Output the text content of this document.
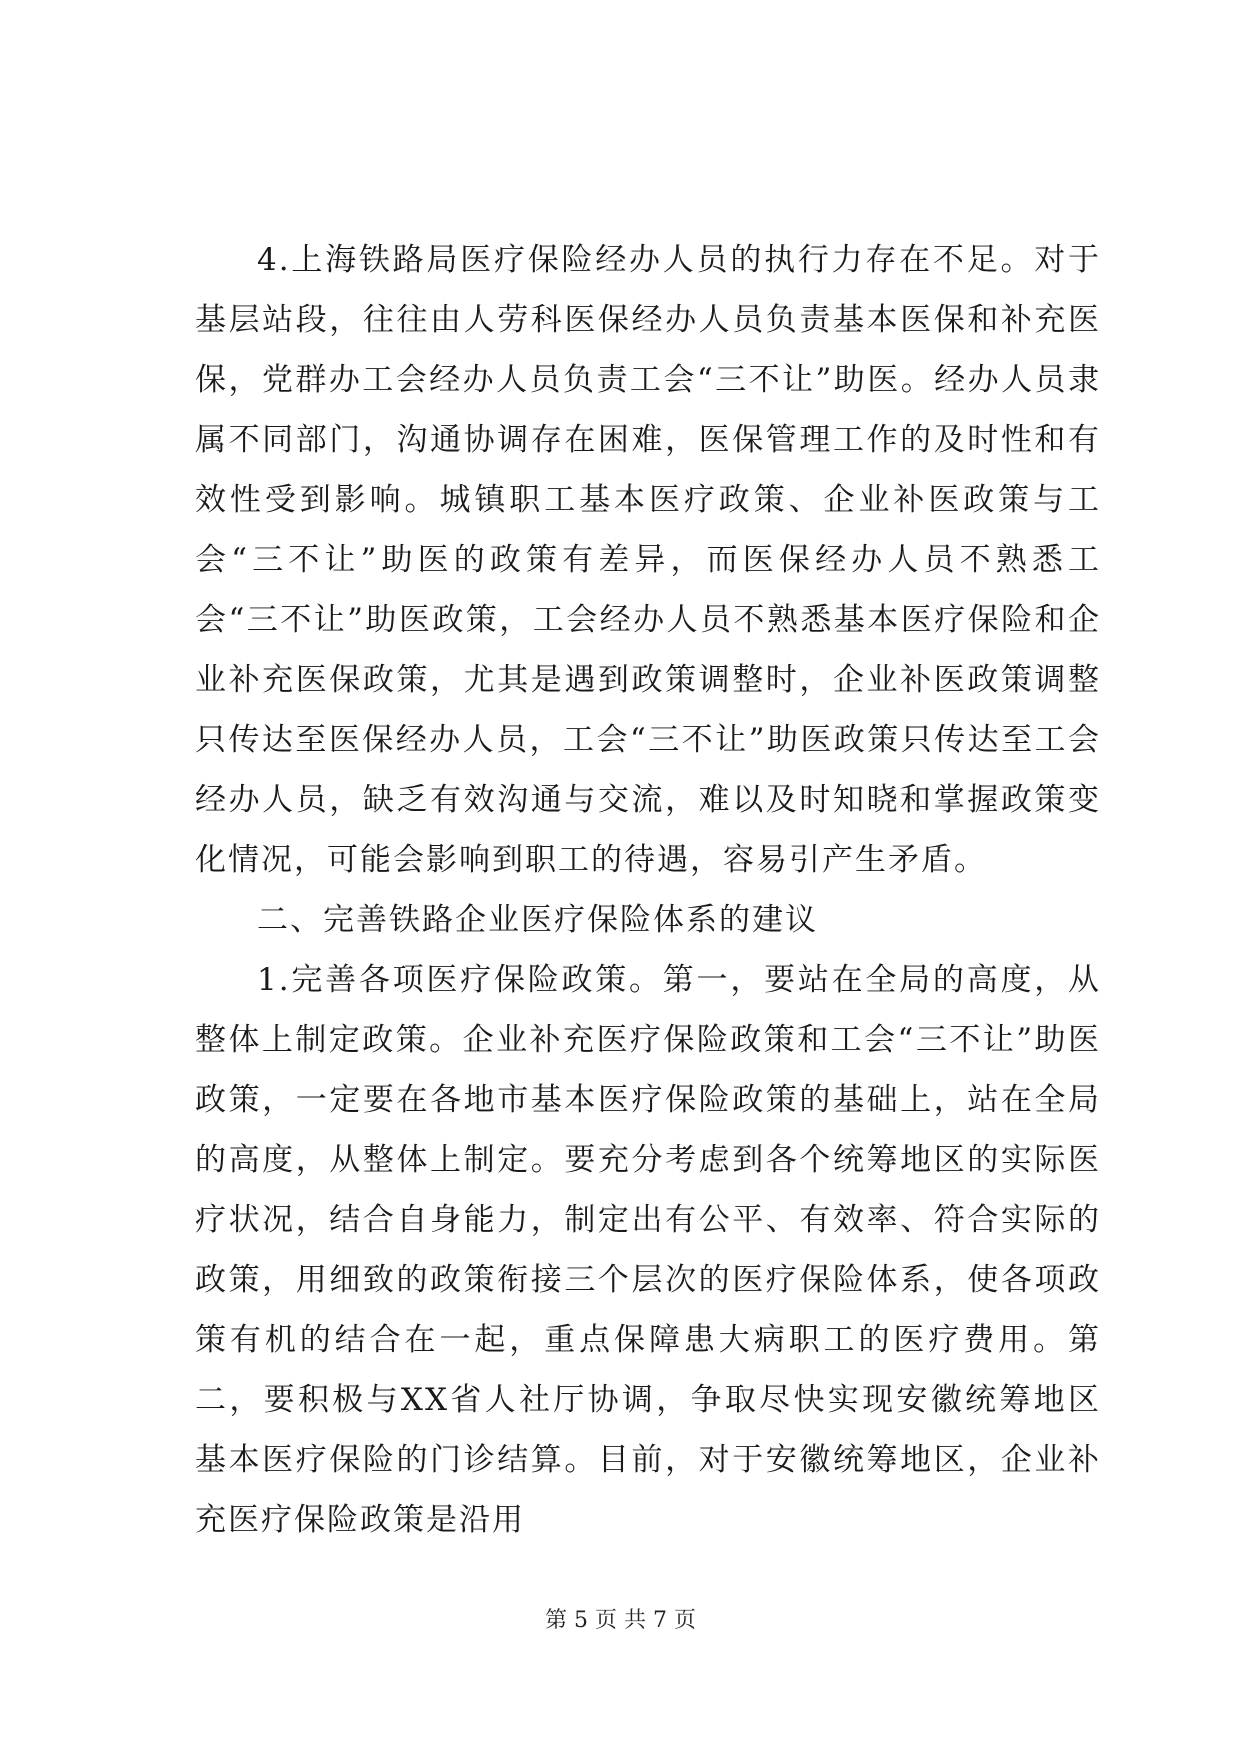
4.上海铁路局医疗保险经办人员的执行力存在不足。对于基层站段，往往由人劳科医保经办人员负责基本医保和补充医保，党群办工会经办人员负责工会“三不让”助医。经办人员隶属不同部门，沟通协调存在困难，医保管理工作的及时性和有效性受到影响。城镇职工基本医疗政策、企业补医政策与工会“三不让”助医的政策有差异，而医保经办人员不熟悉工会“三不让”助医政策，工会经办人员不熟悉基本医疗保险和企业补充医保政策，尤其是遇到政策调整时，企业补医政策调整只传达至医保经办人员，工会“三不让”助医政策只传达至工会经办人员，缺乏有效沟通与交流，难以及时知晓和掌握政策变化情况，可能会影响到职工的待遇，容易引产生矛盾。

二、完善铁路企业医疗保险体系的建议

1.完善各项医疗保险政策。第一，要站在全局的高度，从整体上制定政策。企业补充医疗保险政策和工会“三不让”助医政策，一定要在各地市基本医疗保险政策的基础上，站在全局的高度，从整体上制定。要充分考虑到各个统筹地区的实际医疗状况，结合自身能力，制定出有公平、有效率、符合实际的政策，用细致的政策衔接三个层次的医疗保险体系，使各项政策有机的结合在一起，重点保障患大病职工的医疗费用。第二，要积极与XX省人社厅协调，争取尽快实现安徽统筹地区基本医疗保险的门诊结算。目前，对于安徽统筹地区，企业补充医疗保险政策是沿用

第 5 页 共 7 页
